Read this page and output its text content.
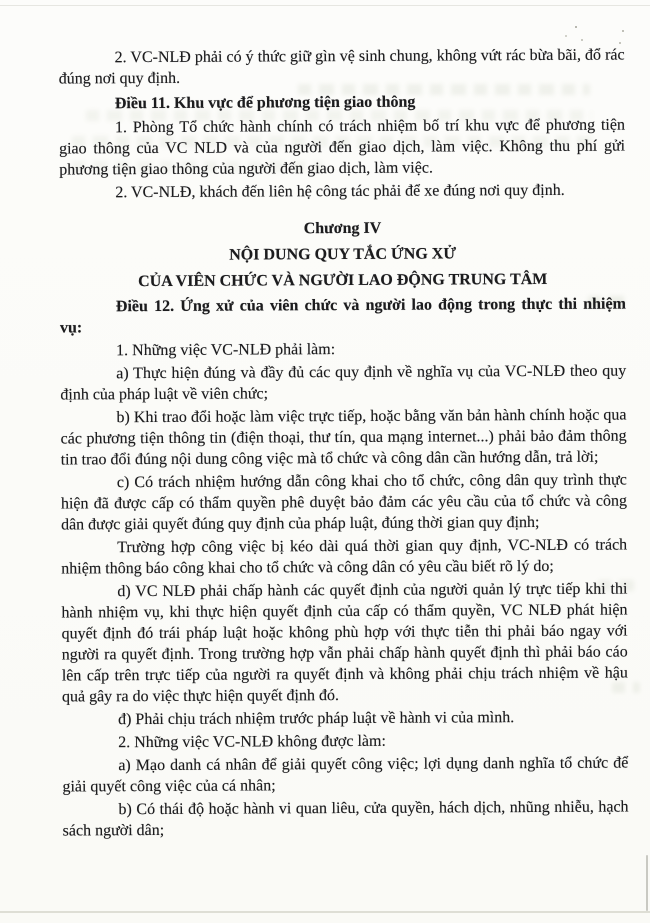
2. VC-NLĐ phải có ý thức giữ gìn vệ sinh chung, không vứt rác bừa bãi, đổ rác đúng nơi quy định.

Điều 11. Khu vực để phương tiện giao thông

1. Phòng Tổ chức hành chính có trách nhiệm bố trí khu vực để phương tiện giao thông của VC NLD và của người đến giao dịch, làm việc. Không thu phí gửi phương tiện giao thông của người đến giao dịch, làm việc.

2. VC-NLĐ, khách đến liên hệ công tác phải để xe đúng nơi quy định.

Chương IV

NỘI DUNG QUY TẮC ỨNG XỬ

CỦA VIÊN CHỨC VÀ NGƯỜI LAO ĐỘNG TRUNG TÂM

Điều 12. Ứng xử của viên chức và người lao động trong thực thi nhiệm vụ:

1. Những việc VC-NLĐ phải làm:

a) Thực hiện đúng và đầy đủ các quy định về nghĩa vụ của VC-NLĐ theo quy định của pháp luật về viên chức;

b) Khi trao đổi hoặc làm việc trực tiếp, hoặc bằng văn bản hành chính hoặc qua các phương tiện thông tin (điện thoại, thư tín, qua mạng internet...) phải bảo đảm thông tin trao đổi đúng nội dung công việc mà tổ chức và công dân cần hướng dẫn, trả lời;

c) Có trách nhiệm hướng dẫn công khai cho tổ chức, công dân quy trình thực hiện đã được cấp có thẩm quyền phê duyệt bảo đảm các yêu cầu của tổ chức và công dân được giải quyết đúng quy định của pháp luật, đúng thời gian quy định;

Trường hợp công việc bị kéo dài quá thời gian quy định, VC-NLĐ có trách nhiệm thông báo công khai cho tổ chức và công dân có yêu cầu biết rõ lý do;

d) VC NLĐ phải chấp hành các quyết định của người quản lý trực tiếp khi thi hành nhiệm vụ, khi thực hiện quyết định của cấp có thẩm quyền, VC NLĐ phát hiện quyết định đó trái pháp luật hoặc không phù hợp với thực tiễn thi phải báo ngay với người ra quyết định. Trong trường hợp vẫn phải chấp hành quyết định thì phải báo cáo lên cấp trên trực tiếp của người ra quyết định và không phải chịu trách nhiệm về hậu quả gây ra do việc thực hiện quyết định đó.

đ) Phải chịu trách nhiệm trước pháp luật về hành vi của mình.

2. Những việc VC-NLĐ không được làm:

a) Mạo danh cá nhân để giải quyết công việc; lợi dụng danh nghĩa tổ chức để giải quyết công việc của cá nhân;

b) Có thái độ hoặc hành vi quan liêu, cửa quyền, hách dịch, nhũng nhiễu, hạch sách người dân;
